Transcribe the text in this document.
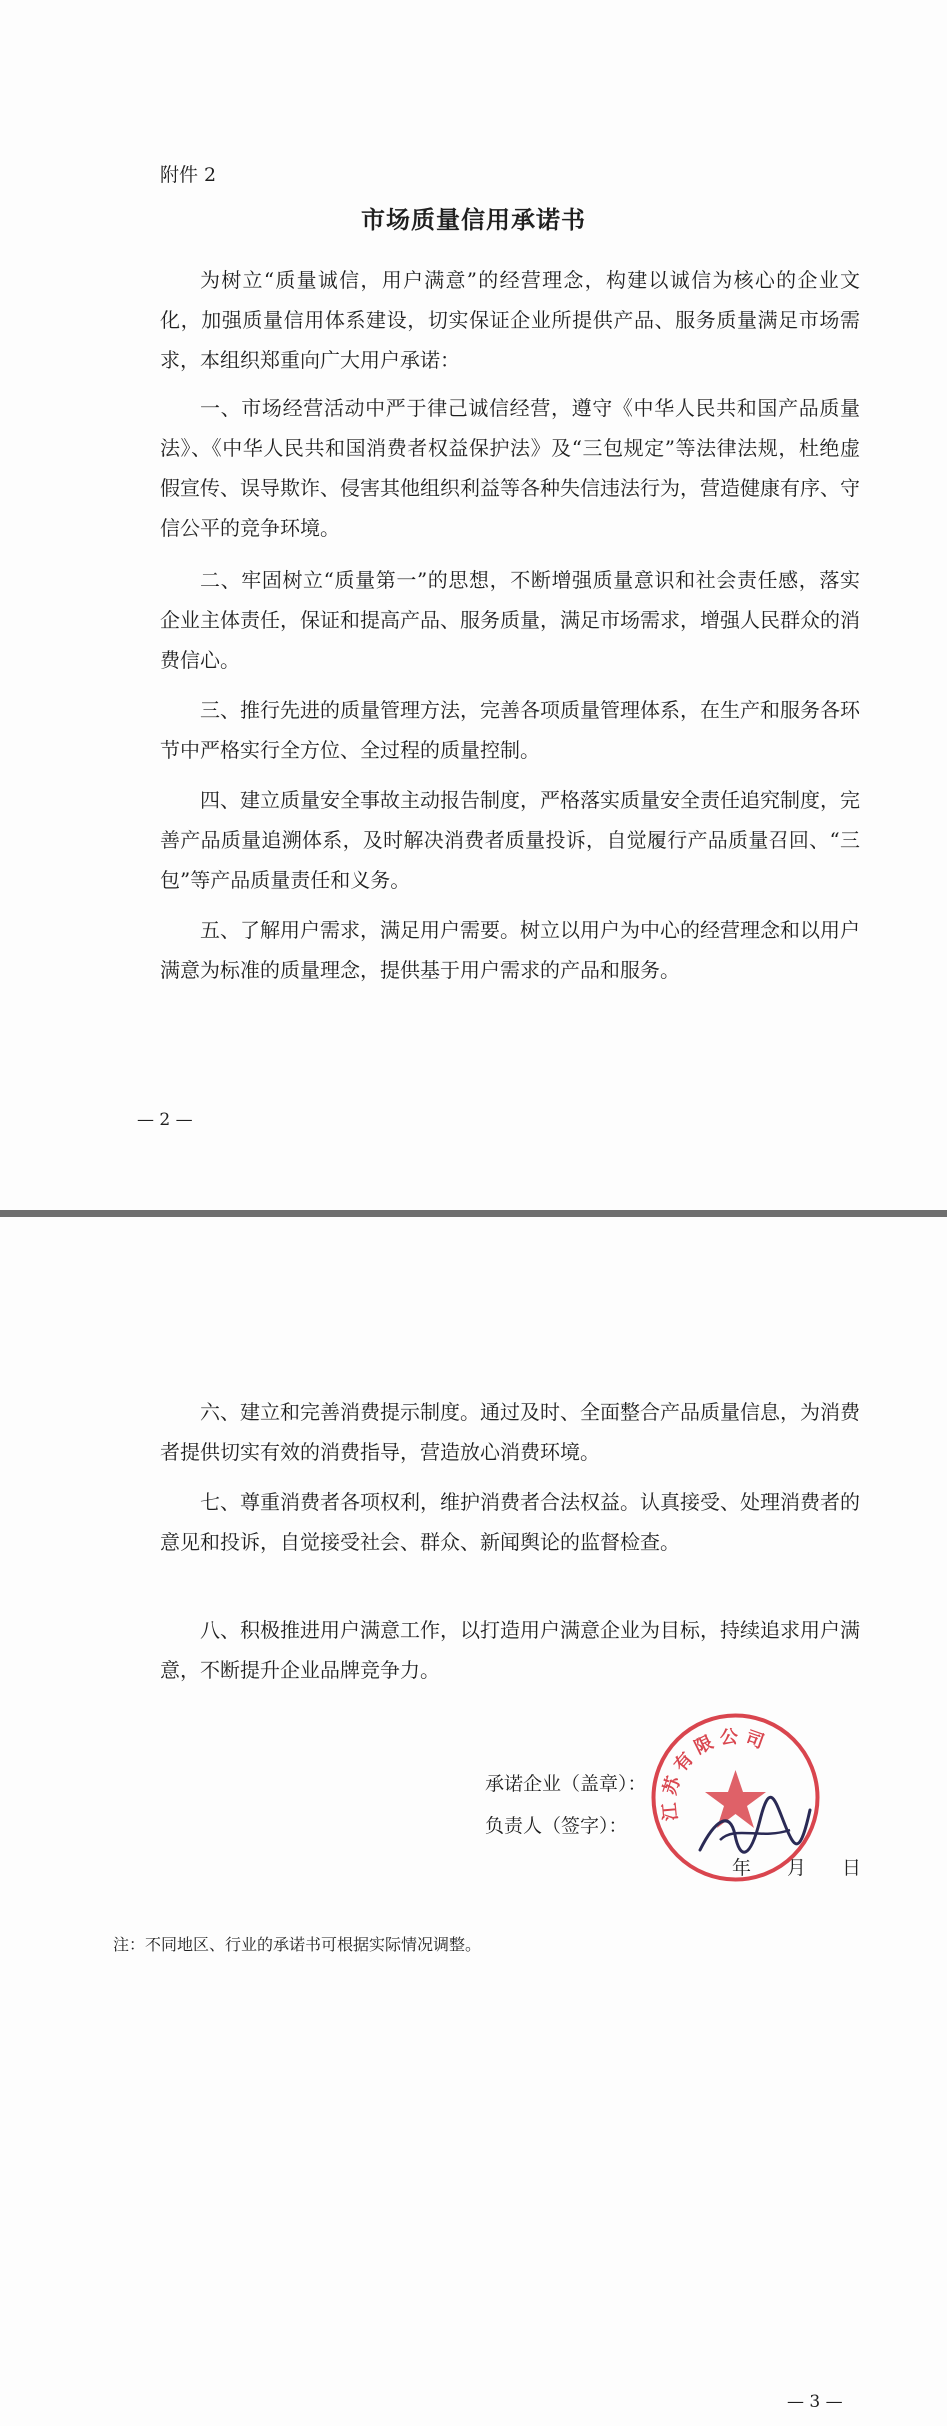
附件 2
市场质量信用承诺书

为树立“质量诚信，用户满意”的经营理念，构建以诚信为核心的企业文化，加强质量信用体系建设，切实保证企业所提供产品、服务质量满足市场需求，本组织郑重向广大用户承诺：

一、市场经营活动中严于律己诚信经营，遵守《中华人民共和国产品质量法》、《中华人民共和国消费者权益保护法》及“三包规定”等法律法规，杜绝虚假宣传、误导欺诈、侵害其他组织利益等各种失信违法行为，营造健康有序、守信公平的竞争环境。

二、牢固树立“质量第一”的思想，不断增强质量意识和社会责任感，落实企业主体责任，保证和提高产品、服务质量，满足市场需求，增强人民群众的消费信心。

三、推行先进的质量管理方法，完善各项质量管理体系，在生产和服务各环节中严格实行全方位、全过程的质量控制。

四、建立质量安全事故主动报告制度，严格落实质量安全责任追究制度，完善产品质量追溯体系，及时解决消费者质量投诉，自觉履行产品质量召回、“三包”等产品质量责任和义务。

五、了解用户需求，满足用户需要。树立以用户为中心的经营理念和以用户满意为标准的质量理念，提供基于用户需求的产品和服务。

— 2 —

六、建立和完善消费提示制度。通过及时、全面整合产品质量信息，为消费者提供切实有效的消费指导，营造放心消费环境。

七、尊重消费者各项权利，维护消费者合法权益。认真接受、处理消费者的意见和投诉，自觉接受社会、群众、新闻舆论的监督检查。

八、积极推进用户满意工作，以打造用户满意企业为目标，持续追求用户满意，不断提升企业品牌竞争力。

江苏有限公司
承诺企业（盖章）：
负责人（签字）：
年 月 日
注：不同地区、行业的承诺书可根据实际情况调整。
— 3 —
